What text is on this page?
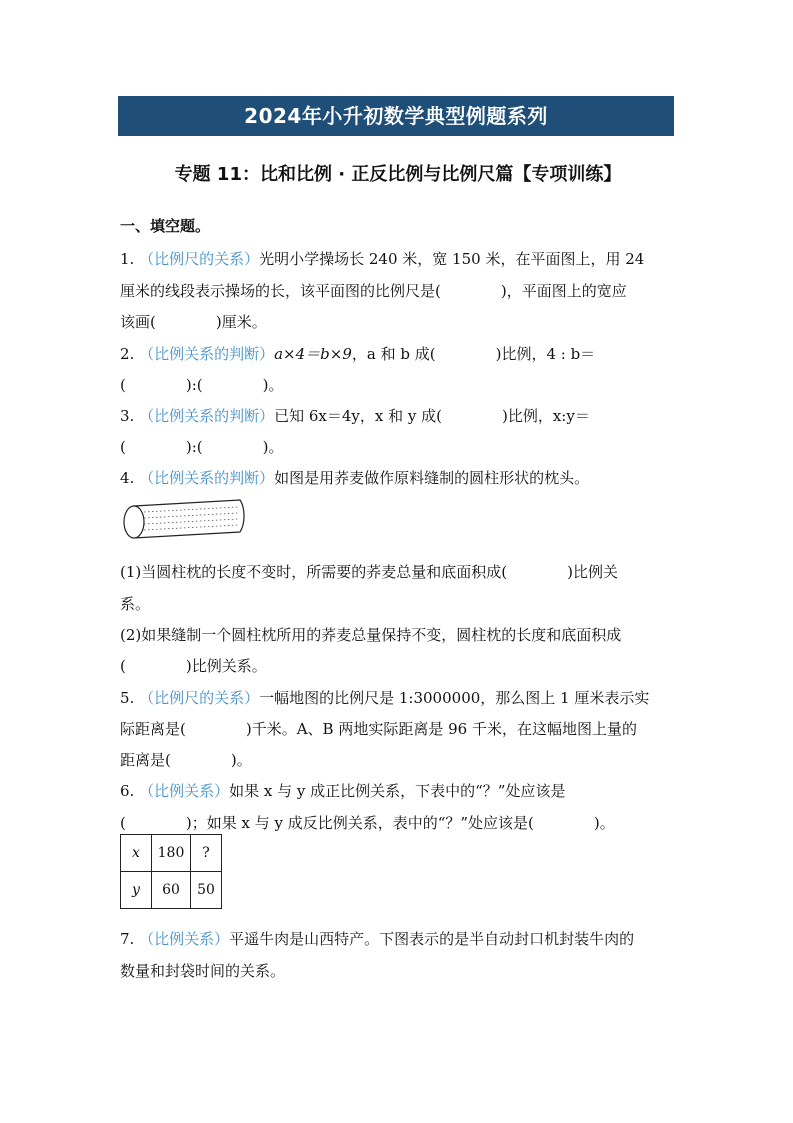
2024年小升初数学典型例题系列
专题 11：比和比例 · 正反比例与比例尺篇【专项训练】
一、填空题。
1. （比例尺的关系）光明小学操场长 240 米，宽 150 米，在平面图上，用 24
厘米的线段表示操场的长，该平面图的比例尺是(　　　　)，平面图上的宽应
该画(　　　　)厘米。
2. （比例关系的判断）a×4＝b×9，a 和 b 成(　　　　)比例，4 : b＝
(　　　　):(　　　　)。
3. （比例关系的判断）已知 6x＝4y，x 和 y 成(　　　　)比例，x:y＝
(　　　　):(　　　　)。
4. （比例关系的判断）如图是用荞麦做作原料缝制的圆柱形状的枕头。
(1)当圆柱枕的长度不变时，所需要的荞麦总量和底面积成(　　　　)比例关
系。
(2)如果缝制一个圆柱枕所用的荞麦总量保持不变，圆柱枕的长度和底面积成
(　　　　)比例关系。
5. （比例尺的关系）一幅地图的比例尺是 1:3000000，那么图上 1 厘米表示实
际距离是(　　　　)千米。A、B 两地实际距离是 96 千米，在这幅地图上量的
距离是(　　　　)。
6. （比例关系）如果 x 与 y 成正比例关系，下表中的“？”处应该是
(　　　　)；如果 x 与 y 成反比例关系，表中的“？”处应该是(　　　　)。
x	180	?
y	60	50
7. （比例关系）平遥牛肉是山西特产。下图表示的是半自动封口机封装牛肉的
数量和封袋时间的关系。
